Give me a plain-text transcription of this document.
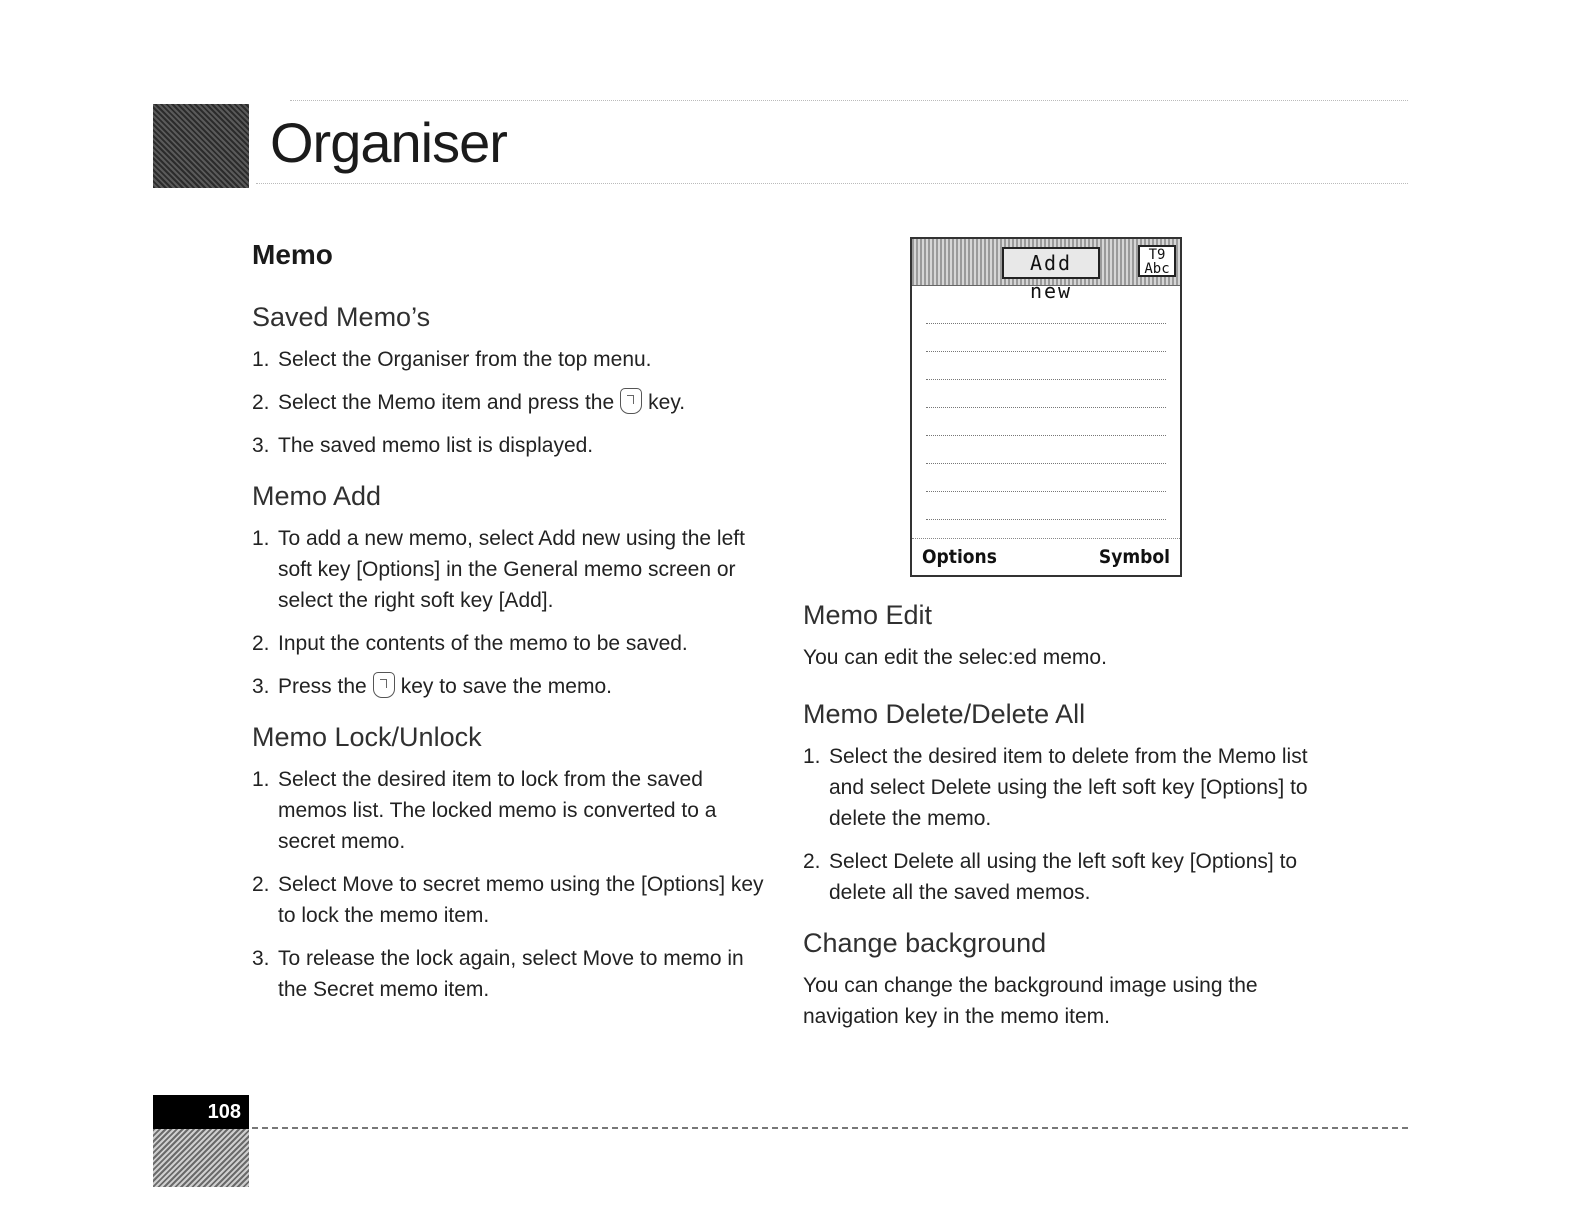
Organiser
Memo
Saved Memo’s
1. Select the Organiser from the top menu.
2. Select the Memo item and press the key.
3. The saved memo list is displayed.
Memo Add
1. To add a new memo, select Add new using the left soft key [Options] in the General memo screen or select the right soft key [Add].
2. Input the contents of the memo to be saved.
3. Press the key to save the memo.
Memo Lock/Unlock
1. Select the desired item to lock from the saved memos list. The locked memo is converted to a secret memo.
2. Select Move to secret memo using the [Options] key to lock the memo item.
3. To release the lock again, select Move to memo in the Secret memo item.
Add new
T9
Abc
Options	Symbol
Memo Edit

You can edit the selec:ed memo.

Memo Delete/Delete All
1. Select the desired item to delete from the Memo list and select Delete using the left soft key [Options] to delete the memo.
2. Select Delete all using the left soft key [Options] to delete all the saved memos.
Change background

You can change the background image using the navigation key in the memo item.

108
